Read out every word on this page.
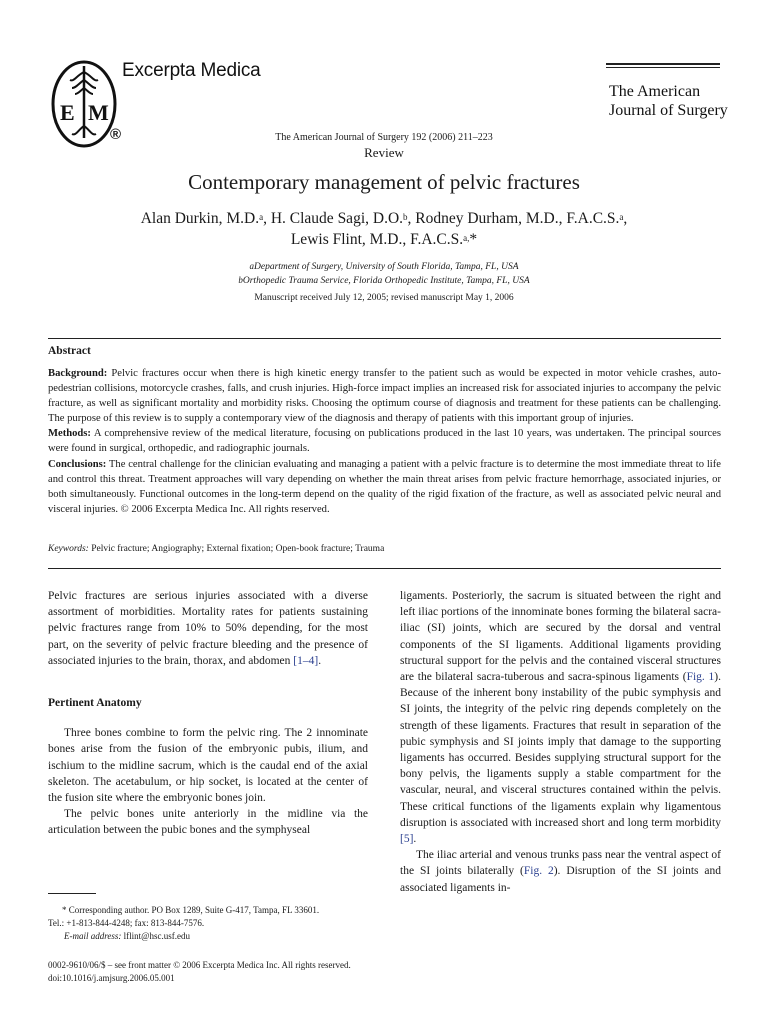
E M
Excerpta Medica
®
The American
Journal of Surgery
The American Journal of Surgery 192 (2006) 211–223
Review
Contemporary management of pelvic fractures
Alan Durkin, M.D.$^a$, H. Claude Sagi, D.O.$^b$, Rodney Durham, M.D., F.A.C.S.$^a$,
Lewis Flint, M.D., F.A.C.S.$^{a,}$*
$^a$Department of Surgery, University of South Florida, Tampa, FL, USA
$^b$Orthopedic Trauma Service, Florida Orthopedic Institute, Tampa, FL, USA
Manuscript received July 12, 2005; revised manuscript May 1, 2006
Abstract
Background: Pelvic fractures occur when there is high kinetic energy transfer to the patient such as would be expected in motor vehicle crashes, auto-pedestrian collisions, motorcycle crashes, falls, and crush injuries. High-force impact implies an increased risk for associated injuries to accompany the pelvic fracture, as well as significant mortality and morbidity risks. Choosing the optimum course of diagnosis and treatment for these patients can be challenging. The purpose of this review is to supply a contemporary view of the diagnosis and therapy of patients with this important group of injuries.
Methods: A comprehensive review of the medical literature, focusing on publications produced in the last 10 years, was undertaken. The principal sources were found in surgical, orthopedic, and radiographic journals.
Conclusions: The central challenge for the clinician evaluating and managing a patient with a pelvic fracture is to determine the most immediate threat to life and control this threat. Treatment approaches will vary depending on whether the main threat arises from pelvic fracture hemorrhage, associated injuries, or both simultaneously. Functional outcomes in the long-term depend on the quality of the rigid fixation of the fracture, as well as associated pelvic neural and visceral injuries. © 2006 Excerpta Medica Inc. All rights reserved.
Keywords: Pelvic fracture; Angiography; External fixation; Open-book fracture; Trauma

Pelvic fractures are serious injuries associated with a diverse assortment of morbidities. Mortality rates for patients sustaining pelvic fractures range from 10% to 50% depending, for the most part, on the severity of pelvic fracture bleeding and the presence of associated injuries to the brain, thorax, and abdomen [1–4].

Pertinent Anatomy

Three bones combine to form the pelvic ring. The 2 innominate bones arise from the fusion of the embryonic pubis, ilium, and ischium to the midline sacrum, which is the caudal end of the axial skeleton. The acetabulum, or hip socket, is located at the center of the fusion site where the embryonic bones join.

The pelvic bones unite anteriorly in the midline via the articulation between the pubic bones and the symphyseal

ligaments. Posteriorly, the sacrum is situated between the right and left iliac portions of the innominate bones forming the bilateral sacra-iliac (SI) joints, which are secured by the dorsal and ventral components of the SI ligaments. Additional ligaments providing structural support for the pelvis and the contained visceral structures are the bilateral sacra-tuberous and sacra-spinous ligaments (Fig. 1). Because of the inherent bony instability of the pubic symphysis and SI joints, the integrity of the pelvic ring depends completely on the strength of these ligaments. Fractures that result in separation of the pubic symphysis and SI joints imply that damage to the supporting ligaments has occurred. Besides supplying structural support for the bony pelvis, the ligaments supply a stable compartment for the vascular, neural, and visceral structures contained within the pelvis. These critical functions of the ligaments explain why ligamentous disruption is associated with increased short and long term morbidity [5].

The iliac arterial and venous trunks pass near the ventral aspect of the SI joints bilaterally (Fig. 2). Disruption of the SI joints and associated ligaments in-

* Corresponding author. PO Box 1289, Suite G-417, Tampa, FL 33601.
Tel.: +1-813-844-4248; fax: 813-844-7576.
E-mail address: lflint@hsc.usf.edu
0002-9610/06/$ – see front matter © 2006 Excerpta Medica Inc. All rights reserved.
doi:10.1016/j.amjsurg.2006.05.001
